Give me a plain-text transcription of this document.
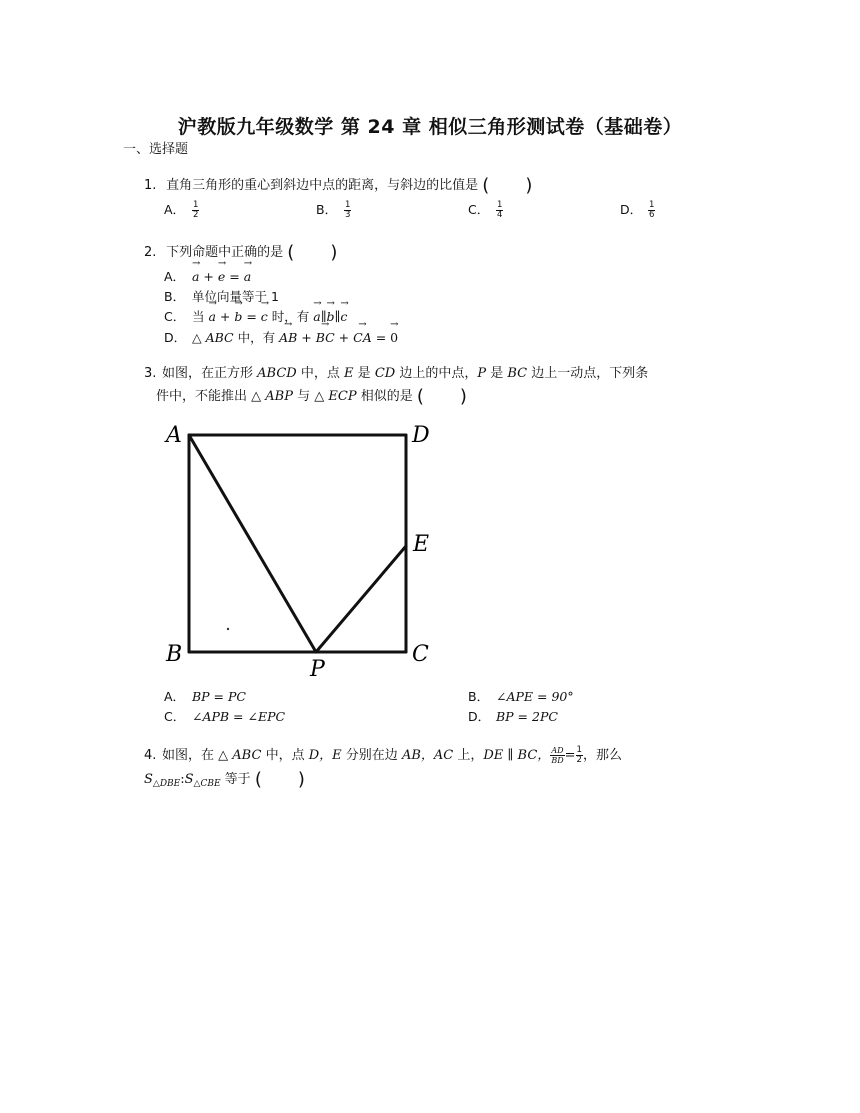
沪教版九年级数学 第 24 章 相似三角形测试卷（基础卷）
一、选择题
1. 直角三角形的重心到斜边中点的距离，与斜边的比值是 (　　)
A． $\frac{1}{2}$	B． $\frac{1}{3}$	C． $\frac{1}{4}$	D． $\frac{1}{6}$
2. 下列命题中正确的是 (　　)
A． → a + → e = → a
B． 单位向量等于 1
C． 当 → a + → b = → c 时，有 → a∥→ b∥→ c
D． △ ABC 中，有 → AB + → BC + → CA = → 0
3. 如图，在正方形 ABCD 中，点 E 是 CD 边上的中点，P 是 BC 边上一动点，下列条
件中，不能推出 △ ABP 与 △ ECP 相似的是 (　　)
A	D
E
B	C
P
A． BP = PC	B． ∠APE = 90°
C． ∠APB = ∠EPC	D． BP = 2PC
4. 如图，在 △ ABC 中，点 D，E 分别在边 AB，AC 上，DE ∥ BC， $\frac{AD}{BD} = \frac{1}{2}$ ，那么
$S_{\triangle DBE}:S_{\triangle CBE}$ 等于 (　　)
